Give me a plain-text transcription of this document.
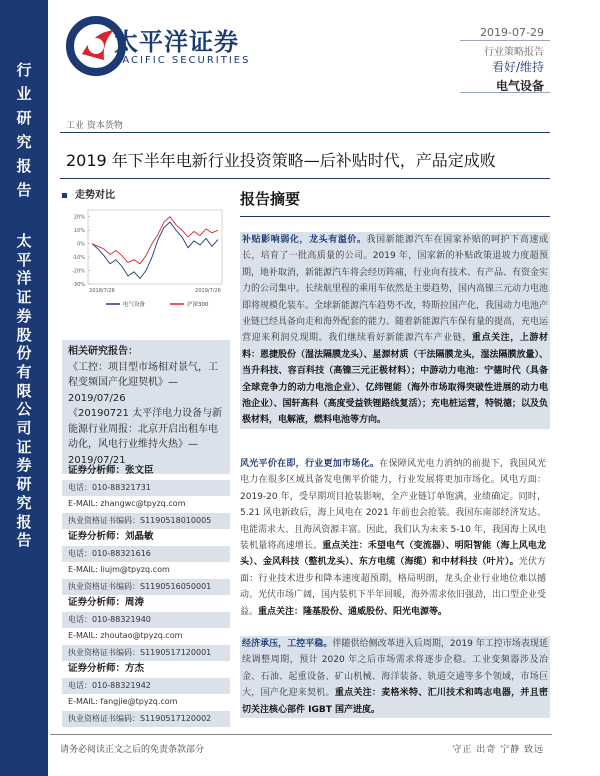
行
业
研
究
报
告
太
平
洋
证
券
股
份
有
限
公
司
证
券
研
究
报
告
太平洋证券
PACIFIC SECURITIES
2019-07-29
行业策略报告
看好/维持
电气设备
工业 资本货物
2019 年下半年电新行业投资策略—后补贴时代，产品定成败
走势对比
-30%
-20%
-10%
0%
10%
20%
2018/7/26	2019/7/26
电气设备	沪深300
相关研究报告：
《工控：项目型市场相对景气，工程变频国产化迎契机》—2019/07/26
《20190721 太平洋电力设备与新能源行业周报：北京开启出租车电动化，风电行业维持火热》—2019/07/21
证券分析师：张文臣
电话：010-88321731
E-MAIL: zhangwc@tpyzq.com
执业资格证书编码：S1190518010005
证券分析师：刘晶敏
电话：010-88321616
E-MAIL: liujm@tpyzq.com
执业资格证书编码：S1190516050001
证券分析师：周涛
电话：010-88321940
E-MAIL: zhoutao@tpyzq.com
执业资格证书编码：S1190517120001
证券分析师：方杰
电话：010-88321942
E-MAIL: fangjie@tpyzq.com
执业资格证书编码：S1190517120002
报告摘要
补贴影响弱化，龙头有溢价。我国新能源汽车在国家补贴的呵护下高速成长，培育了一批高质量的公司。2019 年，国家新的补贴政策退坡力度超预期，地补取消，新能源汽车将会经历阵痛，行业向有技术、有产品、有资金实力的公司集中。长续航里程的乘用车依然是主要趋势，国内高镍三元动力电池即将规模化装车。全球新能源汽车趋势不改，特斯拉国产化，我国动力电池产业链已经具备向走和海外配套的能力。随着新能源汽车保有量的提高，充电运营迎来利润兑现期。我们继续看好新能源汽车产业链，重点关注，上游材料：恩捷股份（湿法隔膜龙头）、星源材质（干法隔膜龙头，湿法隔膜放量）、当升科技、容百科技（高镍三元正极材料）；中游动力电池：宁德时代（具备全球竞争力的动力电池企业）、亿纬锂能（海外市场取得突破性进展的动力电池企业）、国轩高科（高度受益铁锂路线复活）；充电桩运营，特锐德；以及负极材料，电解液，燃料电池等方向。
风光平价在即，行业更加市场化。在保障风光电力消纳的前提下，我国风光电力在很多区域具备发电侧平价能力，行业发展将更加市场化。风电方面：2019-20 年，受早期项目抢装影响，全产业链订单饱满，业绩确定。同时，5.21 风电新政后，海上风电在 2021 年前也会抢装。我国东南部经济发达、电能需求大、且海风资源丰富。因此，我们认为未来 5-10 年，我国海上风电装机量将高速增长。重点关注：禾望电气（变流器）、明阳智能（海上风电龙头）、金风科技（整机龙头）、东方电缆（海缆）和中材科技（叶片）。光伏方面：行业技术进步和降本速度超预期，格局明朗，龙头企业行业地位难以撼动。光伏市场广阔，国内装机下半年回暖，海外需求依旧强劲，出口型企业受益。重点关注：隆基股份、通威股份、阳光电源等。
经济承压，工控平稳。伴随供给侧改革进入后周期，2019 年工控市场表现延续调整周期，预计 2020 年之后市场需求将逐步企稳。工业变频器涉及冶金、石油、起重设备、矿山机械、海洋装备、轨道交通等多个领域，市场巨大，国产化迎来契机。重点关注：麦格米特、汇川技术和鸣志电器，并且密切关注核心部件 IGBT 国产进度。
请务必阅读正文之后的免责条款部分	守正 出奇 宁静 致远
